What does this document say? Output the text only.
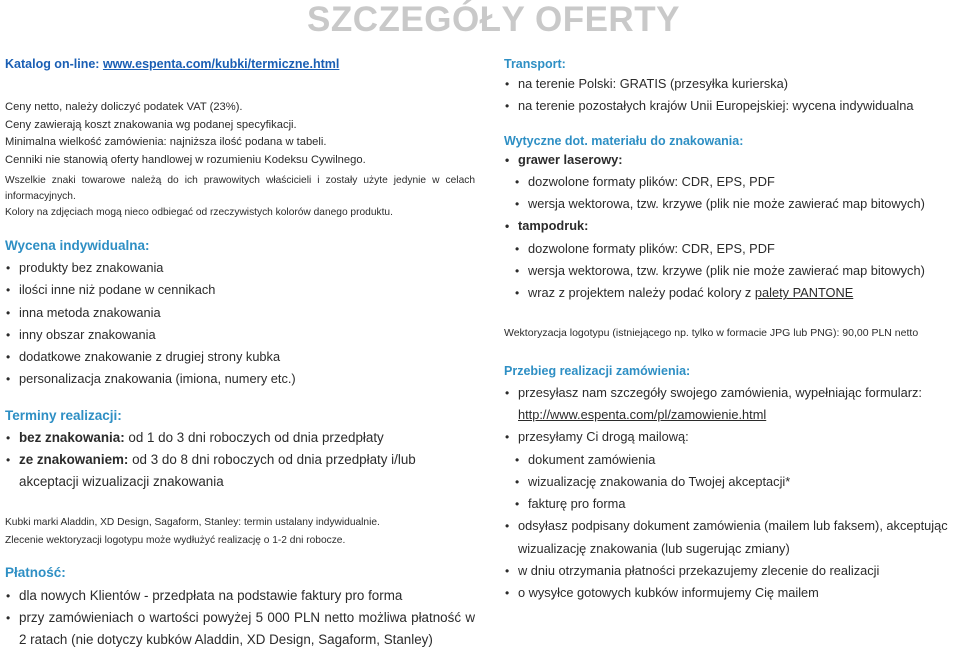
SZCZEGÓŁY OFERTY
Katalog on-line: www.espenta.com/kubki/termiczne.html

Ceny netto, należy doliczyć podatek VAT (23%).

Ceny zawierają koszt znakowania wg podanej specyfikacji.

Minimalna wielkość zamówienia: najniższa ilość podana w tabeli.

Cenniki nie stanowią oferty handlowej w rozumieniu Kodeksu Cywilnego.

Wszelkie znaki towarowe należą do ich prawowitych właścicieli i zostały użyte jedynie w celach informacyjnych.

Kolory na zdjęciach mogą nieco odbiegać od rzeczywistych kolorów danego produktu.

Wycena indywidualna:

• produkty bez znakowania
• ilości inne niż podane w cennikach
• inna metoda znakowania
• inny obszar znakowania
• dodatkowe znakowanie z drugiej strony kubka
• personalizacja znakowania (imiona, numery etc.)

Terminy realizacji:

• bez znakowania: od 1 do 3 dni roboczych od dnia przedpłaty
• ze znakowaniem: od 3 do 8 dni roboczych od dnia przedpłaty i/lub akceptacji wizualizacji znakowania

Kubki marki Aladdin, XD Design, Sagaform, Stanley: termin ustalany indywidualnie.

Zlecenie wektoryzacji logotypu może wydłużyć realizację o 1-2 dni robocze.

Płatność:

• dla nowych Klientów - przedpłata na podstawie faktury pro forma
• przy zamówieniach o wartości powyżej 5 000 PLN netto możliwa płatność w 2 ratach (nie dotyczy kubków Aladdin, XD Design, Sagaform, Stanley)

Transport:

• na terenie Polski: GRATIS (przesyłka kurierska)
• na terenie pozostałych krajów Unii Europejskiej: wycena indywidualna

Wytyczne dot. materiału do znakowania:

• grawer laserowy:
• dozwolone formaty plików: CDR, EPS, PDF
• wersja wektorowa, tzw. krzywe (plik nie może zawierać map bitowych)
• tampodruk:
• dozwolone formaty plików: CDR, EPS, PDF
• wersja wektorowa, tzw. krzywe (plik nie może zawierać map bitowych)
• wraz z projektem należy podać kolory z palety PANTONE

Wektoryzacja logotypu (istniejącego np. tylko w formacie JPG lub PNG): 90,00 PLN netto

Przebieg realizacji zamówienia:

• przesyłasz nam szczegóły swojego zamówienia, wypełniając formularz:
http://www.espenta.com/pl/zamowienie.html
• przesyłamy Ci drogą mailową:
• dokument zamówienia
• wizualizację znakowania do Twojej akceptacji*
• fakturę pro forma
• odsyłasz podpisany dokument zamówienia (mailem lub faksem), akceptując wizualizację znakowania (lub sugerując zmiany)
• w dniu otrzymania płatności przekazujemy zlecenie do realizacji
• o wysyłce gotowych kubków informujemy Cię mailem
